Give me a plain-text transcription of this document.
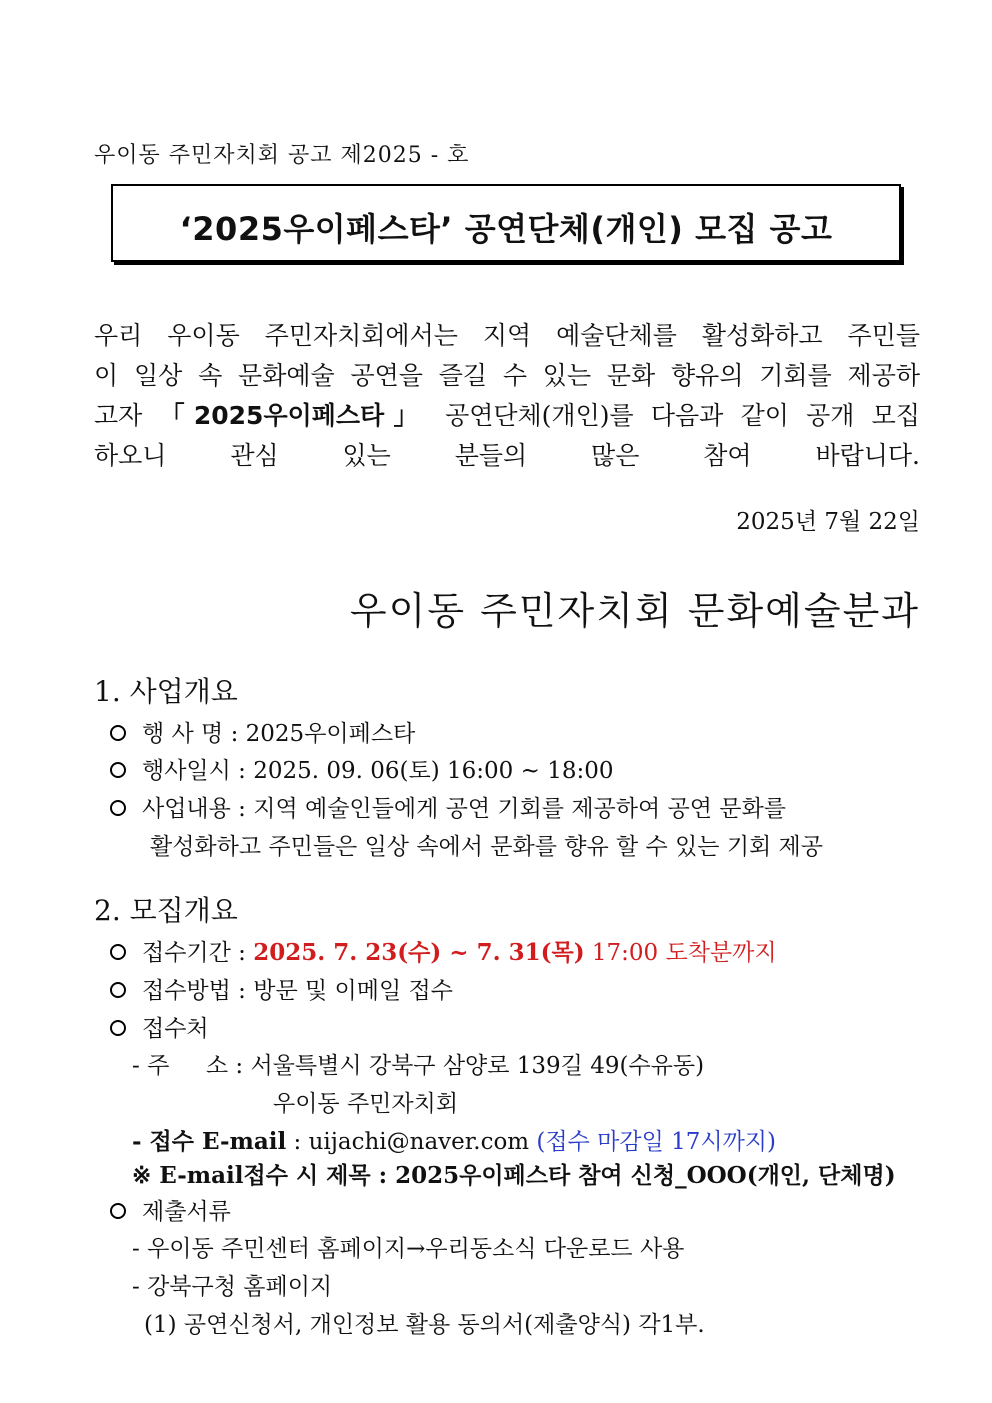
우이동 주민자치회 공고 제2025 - 호
‘2025우이페스타’ 공연단체(개인) 모집 공고
우리 우이동 주민자치회에서는 지역 예술단체를 활성화하고 주민들
이 일상 속 문화예술 공연을 즐길 수 있는 문화 향유의 기회를 제공하
고자 「2025우이페스타」 공연단체(개인)를 다음과 같이 공개 모집
하오니 관심 있는 분들의 많은 참여 바랍니다.
2025년 7월 22일
우이동 주민자치회 문화예술분과
1. 사업개요
행 사 명 : 2025우이페스타
행사일시 : 2025. 09. 06(토) 16:00 ~ 18:00
사업내용 : 지역 예술인들에게 공연 기회를 제공하여 공연 문화를
활성화하고 주민들은 일상 속에서 문화를 향유 할 수 있는 기회 제공
2. 모집개요
접수기간 : 2025. 7. 23(수) ~ 7. 31(목) 17:00 도착분까지
접수방법 : 방문 및 이메일 접수
접수처
- 주     소 : 서울특별시 강북구 삼양로 139길 49(수유동)
우이동 주민자치회
- 접수 E-mail : uijachi@naver.com (접수 마감일 17시까지)
※ E-mail접수 시 제목 : 2025우이페스타 참여 신청_OOO(개인, 단체명)
제출서류
- 우이동 주민센터 홈페이지→우리동소식 다운로드 사용
- 강북구청 홈페이지
(1) 공연신청서, 개인정보 활용 동의서(제출양식) 각1부.
